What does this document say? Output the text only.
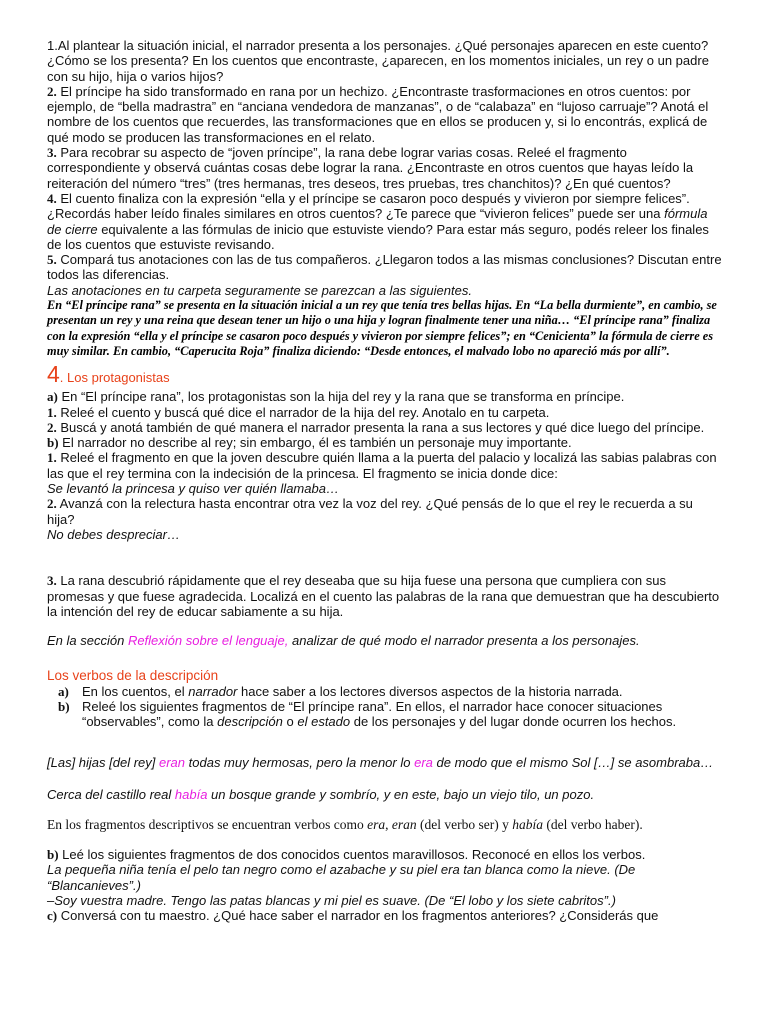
1.Al plantear la situación inicial, el narrador presenta a los personajes. ¿Qué personajes aparecen en este cuento? ¿Cómo se los presenta? En los cuentos que encontraste, ¿aparecen, en los momentos iniciales, un rey o un padre con su hijo, hija o varios hijos?

2. El príncipe ha sido transformado en rana por un hechizo. ¿Encontraste trasformaciones en otros cuentos: por ejemplo, de “bella madrastra” en “anciana vendedora de manzanas”, o de “calabaza” en “lujoso carruaje”? Anotá el nombre de los cuentos que recuerdes, las transformaciones que en ellos se producen y, si lo encontrás, explicá de qué modo se producen las transformaciones en el relato.

3. Para recobrar su aspecto de “joven príncipe”, la rana debe lograr varias cosas. Releé el fragmento correspondiente y observá cuántas cosas debe lograr la rana. ¿Encontraste en otros cuentos que hayas leído la reiteración del número “tres” (tres hermanas, tres deseos, tres pruebas, tres chanchitos)? ¿En qué cuentos?

4. El cuento finaliza con la expresión “ella y el príncipe se casaron poco después y vivieron por siempre felices”. ¿Recordás haber leído finales similares en otros cuentos? ¿Te parece que “vivieron felices” puede ser una fórmula de cierre equivalente a las fórmulas de inicio que estuviste viendo? Para estar más seguro, podés releer los finales de los cuentos que estuviste revisando.

5. Compará tus anotaciones con las de tus compañeros. ¿Llegaron todos a las mismas conclusiones? Discutan entre todos las diferencias.

Las anotaciones en tu carpeta seguramente se parezcan a las siguientes.

En “El príncipe rana” se presenta en la situación inicial a un rey que tenía tres bellas hijas. En “La bella durmiente”, en cambio, se presentan un rey y una reina que desean tener un hijo o una hija y logran finalmente tener una niña… “El príncipe rana” finaliza con la expresión “ella y el príncipe se casaron poco después y vivieron por siempre felices”; en “Cenicienta” la fórmula de cierre es muy similar. En cambio, “Caperucita Roja” finaliza diciendo: “Desde entonces, el malvado lobo no apareció más por allí”.

4. Los protagonistas

a) En “El príncipe rana”, los protagonistas son la hija del rey y la rana que se transforma en príncipe.

1. Releé el cuento y buscá qué dice el narrador de la hija del rey. Anotalo en tu carpeta.

2. Buscá y anotá también de qué manera el narrador presenta la rana a sus lectores y qué dice luego del príncipe.

b) El narrador no describe al rey; sin embargo, él es también un personaje muy importante.

1. Releé el fragmento en que la joven descubre quién llama a la puerta del palacio y localizá las sabias palabras con las que el rey termina con la indecisión de la princesa. El fragmento se inicia donde dice:

Se levantó la princesa y quiso ver quién llamaba…

2. Avanzá con la relectura hasta encontrar otra vez la voz del rey. ¿Qué pensás de lo que el rey le recuerda a su hija?

No debes despreciar…

3. La rana descubrió rápidamente que el rey deseaba que su hija fuese una persona que cumpliera con sus promesas y que fuese agradecida. Localizá en el cuento las palabras de la rana que demuestran que ha descubierto la intención del rey de educar sabiamente a su hija.

En la sección Reflexión sobre el lenguaje, analizar de qué modo el narrador presenta a los personajes.

Los verbos de la descripción

a)	En los cuentos, el narrador hace saber a los lectores diversos aspectos de la historia narrada.
b) Releé los siguientes fragmentos de “El príncipe rana”. En ellos, el narrador hace conocer situaciones “observables”, como la descripción o el estado de los personajes y del lugar donde ocurren los hechos.

[Las] hijas [del rey] eran todas muy hermosas, pero la menor lo era de modo que el mismo Sol […] se asombraba…

Cerca del castillo real había un bosque grande y sombrío, y en este, bajo un viejo tilo, un pozo.

En los fragmentos descriptivos se encuentran verbos como era, eran (del verbo ser) y había (del verbo haber).

b) Leé los siguientes fragmentos de dos conocidos cuentos maravillosos. Reconocé en ellos los verbos.

La pequeña niña tenía el pelo tan negro como el azabache y su piel era tan blanca como la nieve. (De “Blancanieves”.)

–Soy vuestra madre. Tengo las patas blancas y mi piel es suave. (De “El lobo y los siete cabritos”.)

c) Conversá con tu maestro. ¿Qué hace saber el narrador en los fragmentos anteriores? ¿Considerás que
